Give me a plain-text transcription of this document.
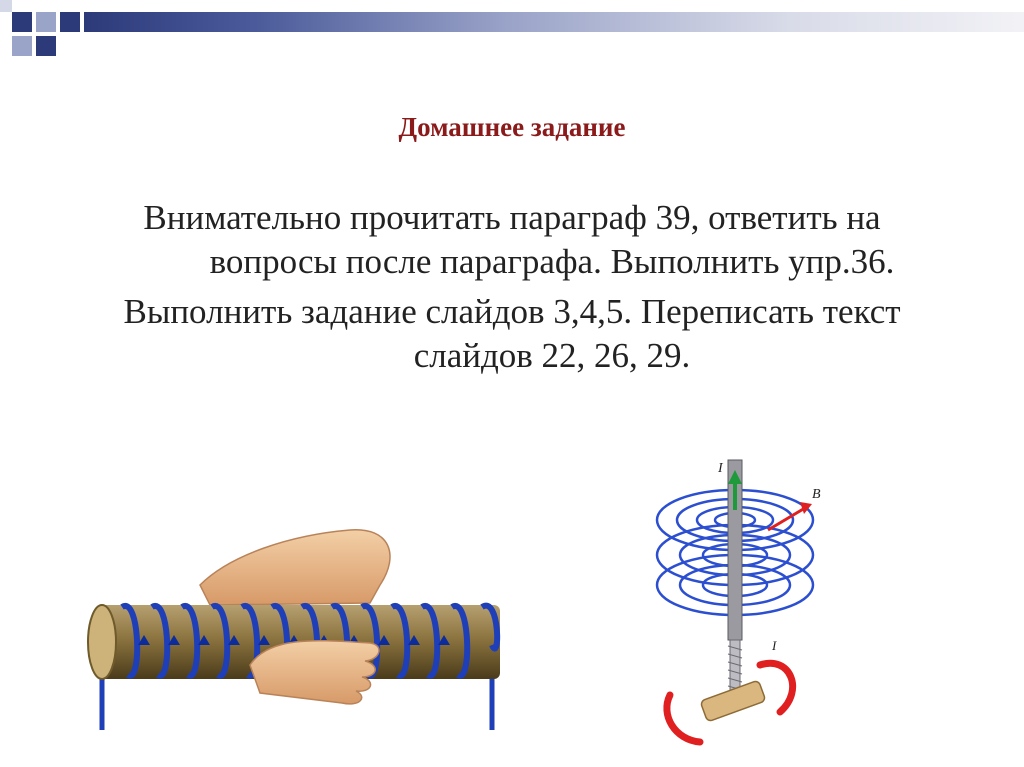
Домашнее задание
Внимательно прочитать параграф 39, ответить на
вопросы после параграфа. Выполнить упр.36.
Выполнить задание слайдов 3,4,5. Переписать текст
слайдов 22, 26, 29.
I
B
I
